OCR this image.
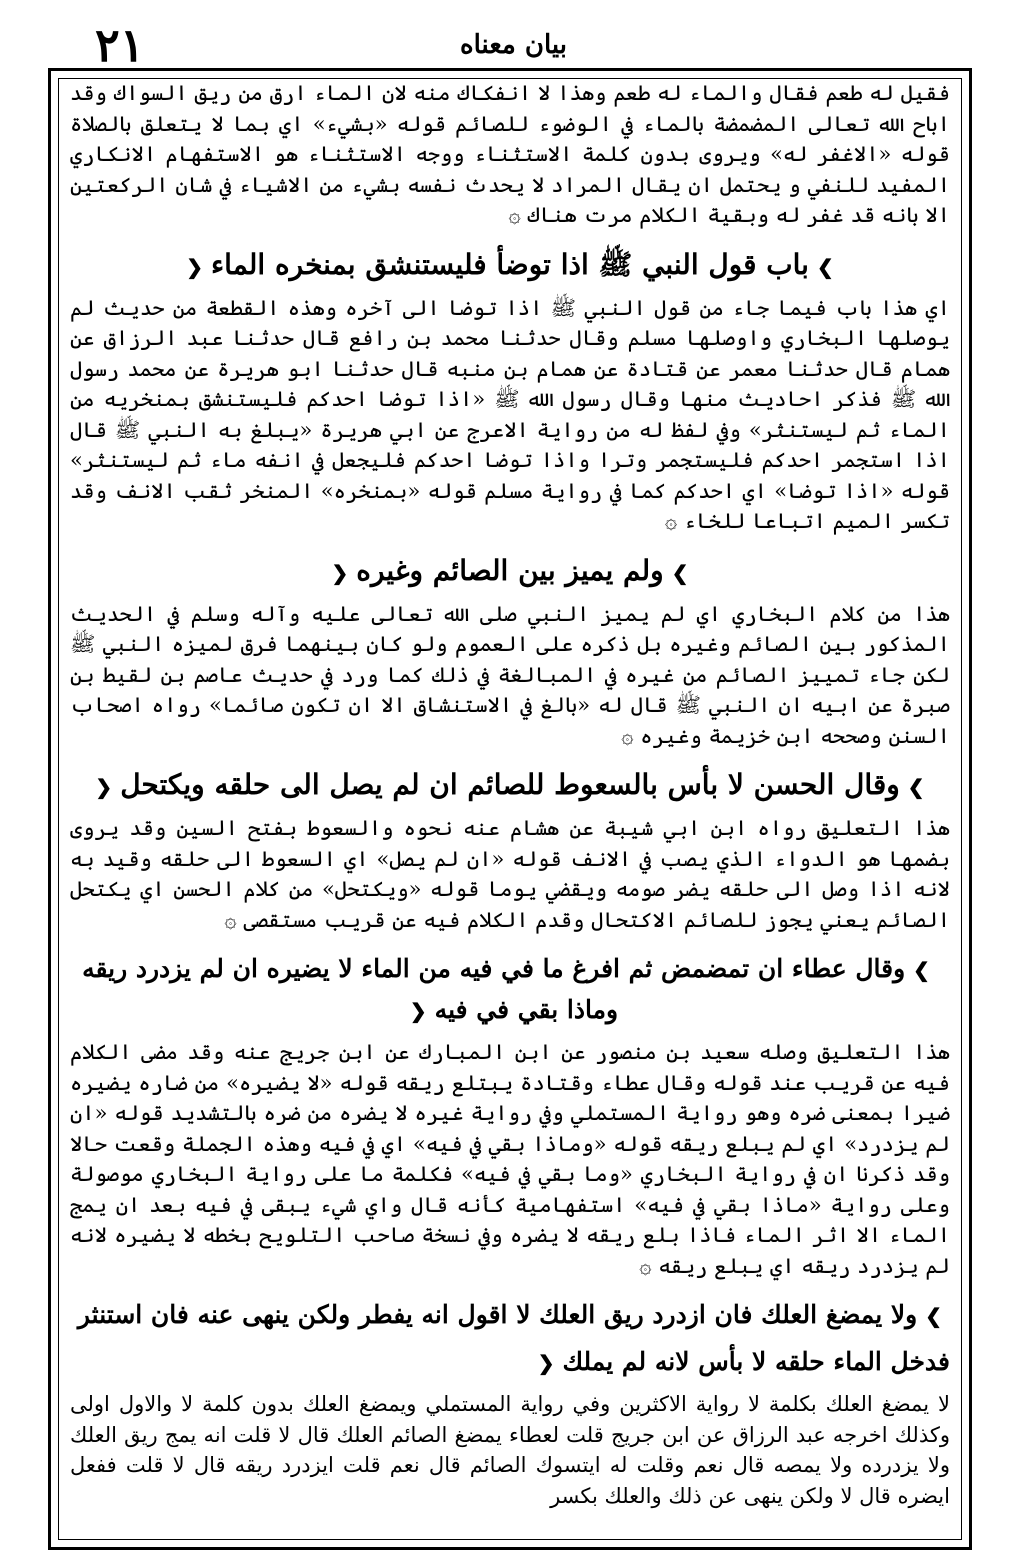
بيان معناه
٢١

فقيل له طعم فقال والماء له طعم وهذا لا انفكاك منه لان الماء ارق من ريق السواك وقد اباح الله تعالى المضمضة بالماء في الوضوء للصائم قوله «بشيء» اي بما لا يتعلق بالصلاة قوله «الاغفر له» ويروى بدون كلمة الاستثناء ووجه الاستثناء هو الاستفهام الانكاري المفيد للنفي و يحتمل ان يقال المراد لا يحدث نفسه بشيء من الاشياء في شان الركعتين الا بانه قد غفر له وبقية الكلام مرت هناك ۞

❯باب قول النبي ﷺ اذا توضأ فليستنشق بمنخره الماء❮

اي هذا باب فيما جاء من قول النبي ﷺ اذا توضا الى آخره وهذه القطعة من حديث لم يوصلها البخاري واوصلها مسلم وقال حدثنا محمد بن رافع قال حدثنا عبد الرزاق عن همام قال حدثنا معمر عن قتادة عن همام بن منبه قال حدثنا ابو هريرة عن محمد رسول الله ﷺ فذكر احاديث منها وقال رسول الله ﷺ «اذا توضا احدكم فليستنشق بمنخريه من الماء ثم ليستنثر» وفي لفظ له من رواية الاعرج عن ابي هريرة «يبلغ به النبي ﷺ قال اذا استجمر احدكم فليستجمر وترا واذا توضا احدكم فليجعل في انفه ماء ثم ليستنثر» قوله «اذا توضا» اي احدكم كما في رواية مسلم قوله «بمنخره» المنخر ثقب الانف وقد تكسر الميم اتباعا للخاء ۞

❯ولم يميز بين الصائم وغيره❮

هذا من كلام البخاري اي لم يميز النبي صلى الله تعالى عليه وآله وسلم في الحديث المذكور بين الصائم وغيره بل ذكره على العموم ولو كان بينهما فرق لميزه النبي ﷺ لكن جاء تمييز الصائم من غيره في المبالغة في ذلك كما ورد في حديث عاصم بن لقيط بن صبرة عن ابيه ان النبي ﷺ قال له «بالغ في الاستنشاق الا ان تكون صائما» رواه اصحاب السنن وصححه ابن خزيمة وغيره ۞

❯وقال الحسن لا بأس بالسعوط للصائم ان لم يصل الى حلقه ويكتحل❮

هذا التعليق رواه ابن ابي شيبة عن هشام عنه نحوه والسعوط بفتح السين وقد يروى بضمها هو الدواء الذي يصب في الانف قوله «ان لم يصل» اي السعوط الى حلقه وقيد به لانه اذا وصل الى حلقه يضر صومه ويقضي يوما قوله «ويكتحل» من كلام الحسن اي يكتحل الصائم يعني يجوز للصائم الاكتحال وقدم الكلام فيه عن قريب مستقصى ۞

❯وقال عطاء ان تمضمض ثم افرغ ما في فيه من الماء لا يضيره ان لم يزدرد ريقه وماذا بقي في فيه❮

هذا التعليق وصله سعيد بن منصور عن ابن المبارك عن ابن جريج عنه وقد مضى الكلام فيه عن قريب عند قوله وقال عطاء وقتادة يبتلع ريقه قوله «لا يضيره» من ضاره يضيره ضيرا بمعنى ضره وهو رواية المستملي وفي رواية غيره لا يضره من ضره بالتشديد قوله «ان لم يزدرد» اي لم يبلع ريقه قوله «وماذا بقي في فيه» اي في فيه وهذه الجملة وقعت حالا وقد ذكرنا ان في رواية البخاري «وما بقي في فيه» فكلمة ما على رواية البخاري موصولة وعلى رواية «ماذا بقي في فيه» استفهامية كأنه قال واي شيء يبقى في فيه بعد ان يمج الماء الا اثر الماء فاذا بلع ريقه لا يضره وفي نسخة صاحب التلويح بخطه لا يضيره لانه لم يزدرد ريقه اي يبلع ريقه ۞

❯ولا يمضغ العلك فان ازدرد ريق العلك لا اقول انه يفطر ولكن ينهى عنه فان استنثر
فدخل الماء حلقه لا بأس لانه لم يملك❮

لا يمضغ العلك بكلمة لا رواية الاكثرين وفي رواية المستملي ويمضغ العلك بدون كلمة لا والاول اولى وكذلك اخرجه عبد الرزاق عن ابن جريج قلت لعطاء يمضغ الصائم العلك قال لا قلت انه يمج ريق العلك ولا يزدرده ولا يمصه قال نعم وقلت له ايتسوك الصائم قال نعم قلت ايزدرد ريقه قال لا قلت ففعل ايضره قال لا ولكن ينهى عن ذلك والعلك بكسر
